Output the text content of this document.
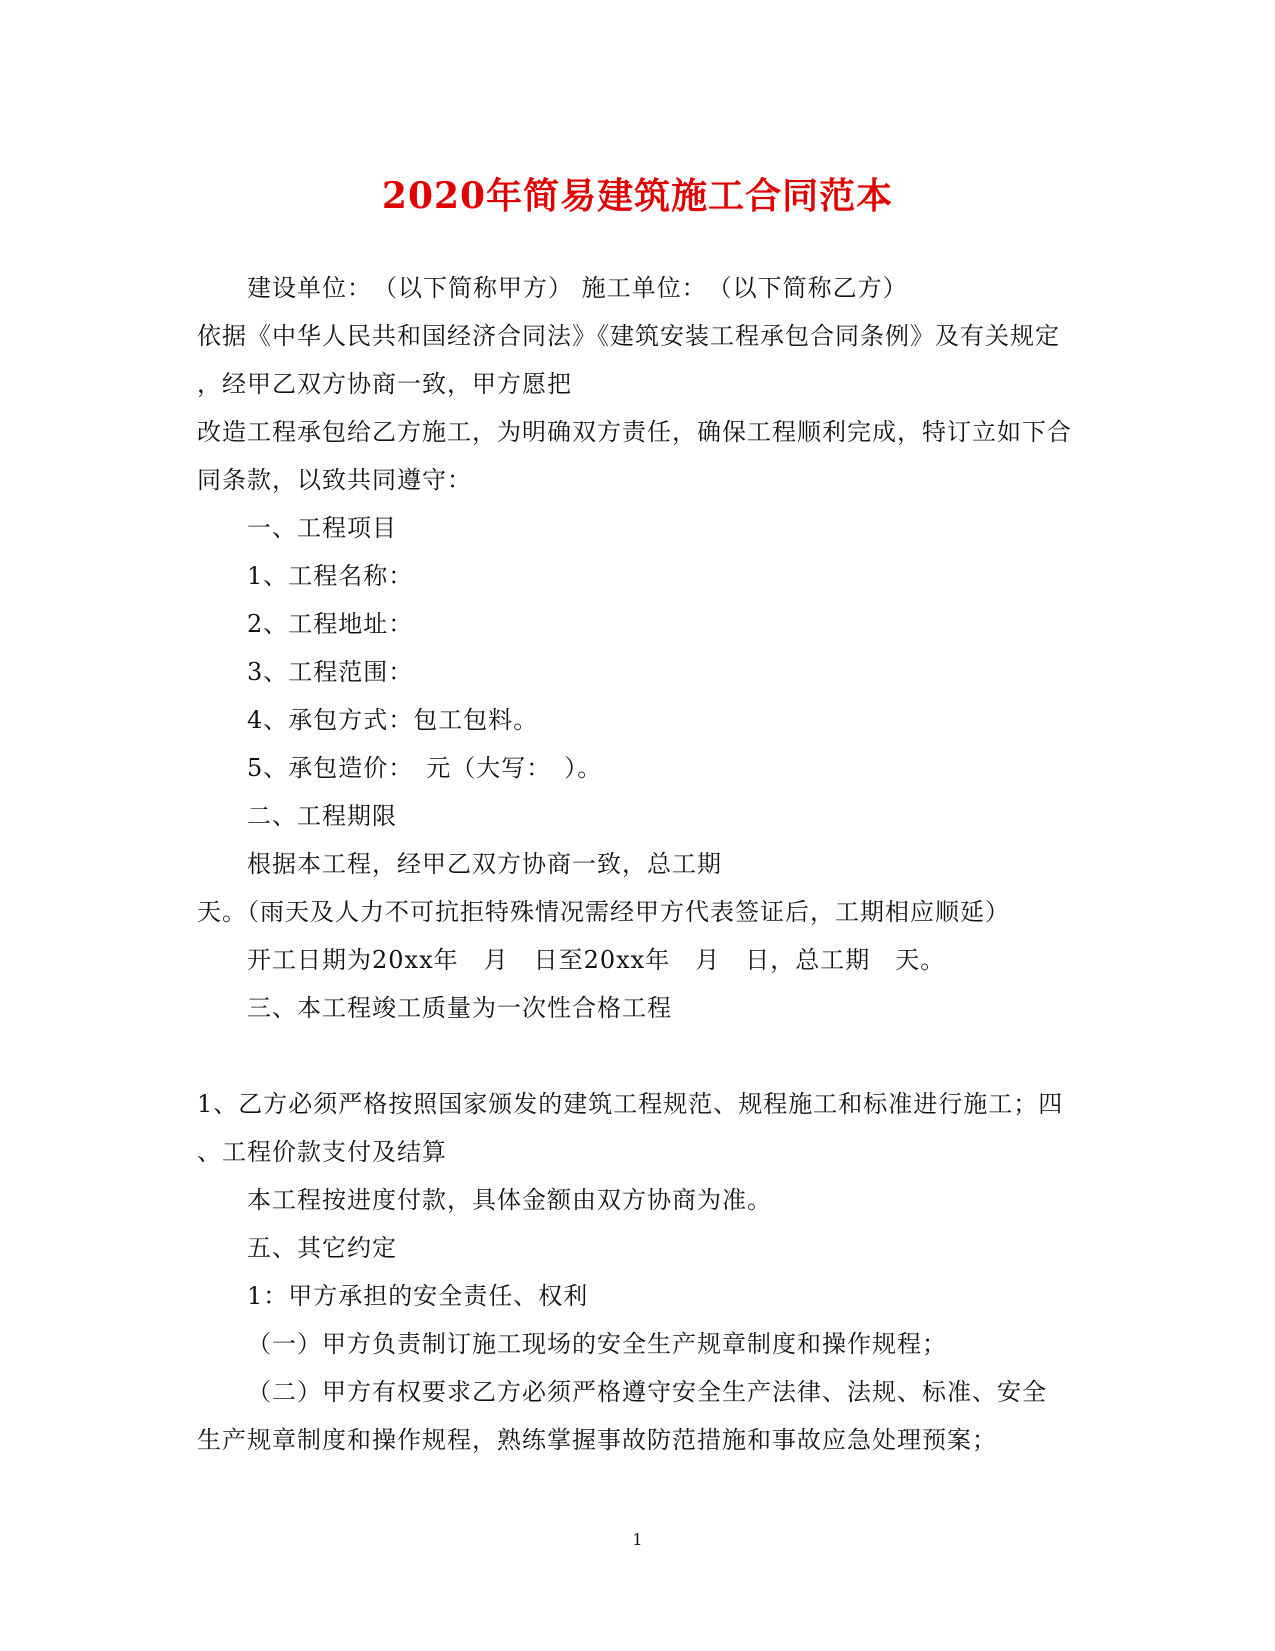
2020年简易建筑施工合同范本
建设单位：　（以下简称甲方） 施工单位：　（以下简称乙方）
依据《中华人民共和国经济合同法》《建筑安装工程承包合同条例》及有关规定
，经甲乙双方协商一致，甲方愿把
改造工程承包给乙方施工，为明确双方责任，确保工程顺利完成，特订立如下合
同条款，以致共同遵守：
一、工程项目
1、工程名称：
2、工程地址：
3、工程范围：
4、承包方式：包工包料。
5、承包造价：　元（大写：　）。
二、工程期限
根据本工程，经甲乙双方协商一致，总工期
天。（雨天及人力不可抗拒特殊情况需经甲方代表签证后，工期相应顺延）
开工日期为20xx年　月　日至20xx年　月　日，总工期　天。
三、本工程竣工质量为一次性合格工程
1、乙方必须严格按照国家颁发的建筑工程规范、规程施工和标准进行施工；四
、工程价款支付及结算
本工程按进度付款，具体金额由双方协商为准。
五、其它约定
1：甲方承担的安全责任、权利
（一）甲方负责制订施工现场的安全生产规章制度和操作规程；
（二）甲方有权要求乙方必须严格遵守安全生产法律、法规、标准、安全
生产规章制度和操作规程，熟练掌握事故防范措施和事故应急处理预案；
1
